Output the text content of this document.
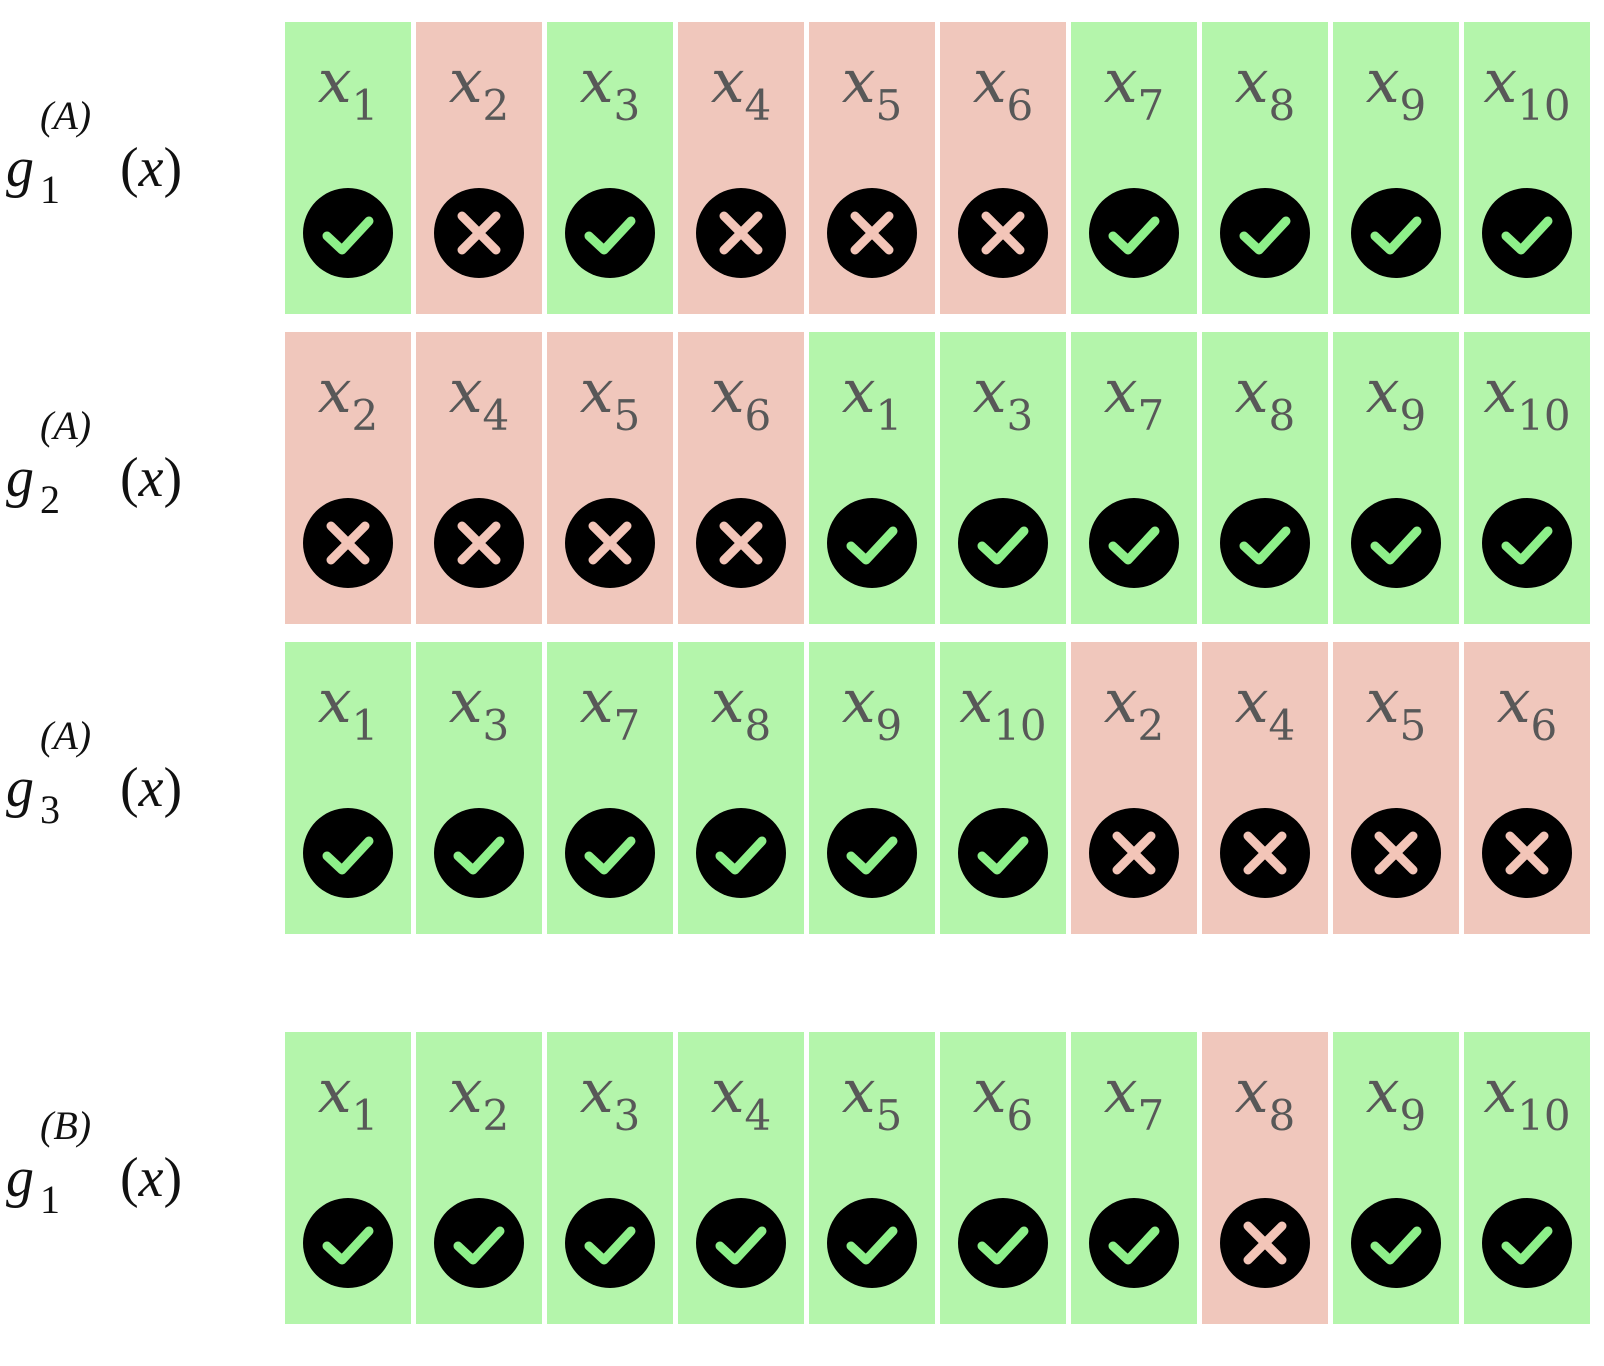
g
(A)
1 (x)
$x_1$	$x_2$	$x_3$	$x_4$	$x_5$	$x_6$	$x_7$	$x_8$	$x_9$ $x_{10}$
g
(A)
2 (x)
$x_2$	$x_4$	$x_5$	$x_6$	$x_1$	$x_3$	$x_7$	$x_8$	$x_9$ $x_{10}$
g
(A)
3 (x)
$x_1$	$x_3$	$x_7$	$x_8$	$x_9$ $x_{10}$ $x_2$	$x_4$	$x_5$	$x_6$
g
(B)
1 (x)
$x_1$	$x_2$	$x_3$	$x_4$	$x_5$	$x_6$	$x_7$	$x_8$	$x_9$ $x_{10}$
